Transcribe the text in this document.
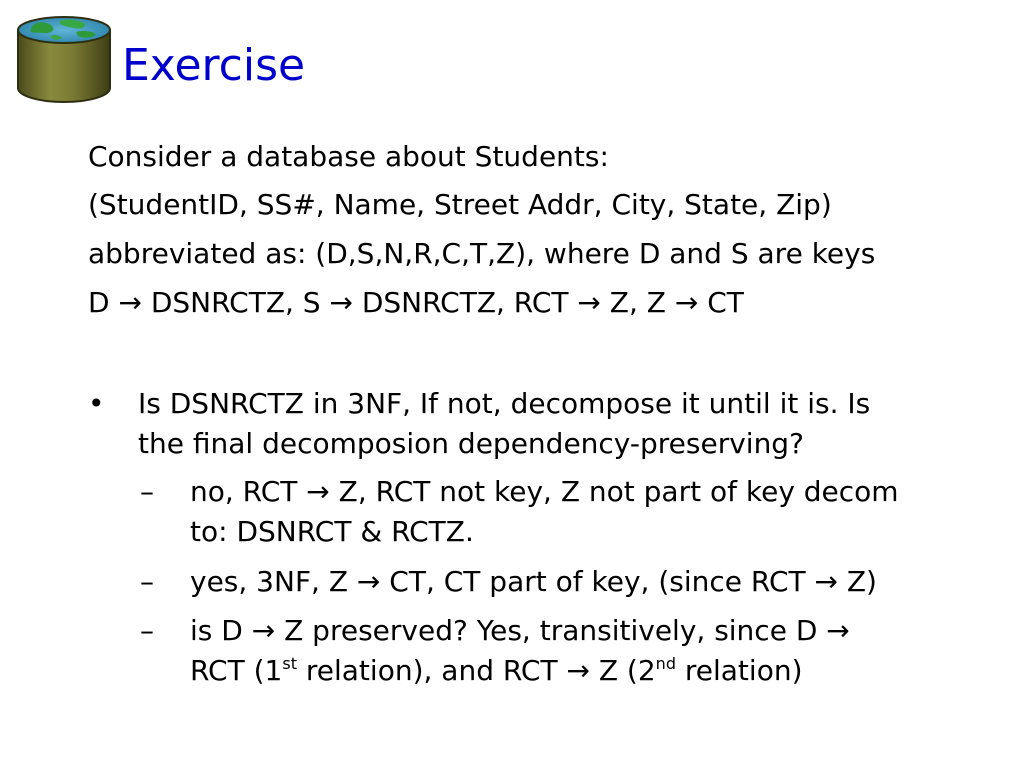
Exercise
Consider a database about Students:
(StudentID, SS#, Name, Street Addr, City, State, Zip)
abbreviated as: (D,S,N,R,C,T,Z), where D and S are keys
D → DSNRCTZ, S → DSNRCTZ, RCT → Z, Z → CT
• Is DSNRCTZ in 3NF, If not, decompose it until it is. Is
the final decomposion dependency-preserving?
– no, RCT → Z, RCT not key, Z not part of key decom
to: DSNRCT & RCTZ.
– yes, 3NF, Z → CT, CT part of key, (since RCT → Z)
– is D → Z preserved? Yes, transitively, since D →
RCT (1st relation), and RCT → Z (2nd relation)
